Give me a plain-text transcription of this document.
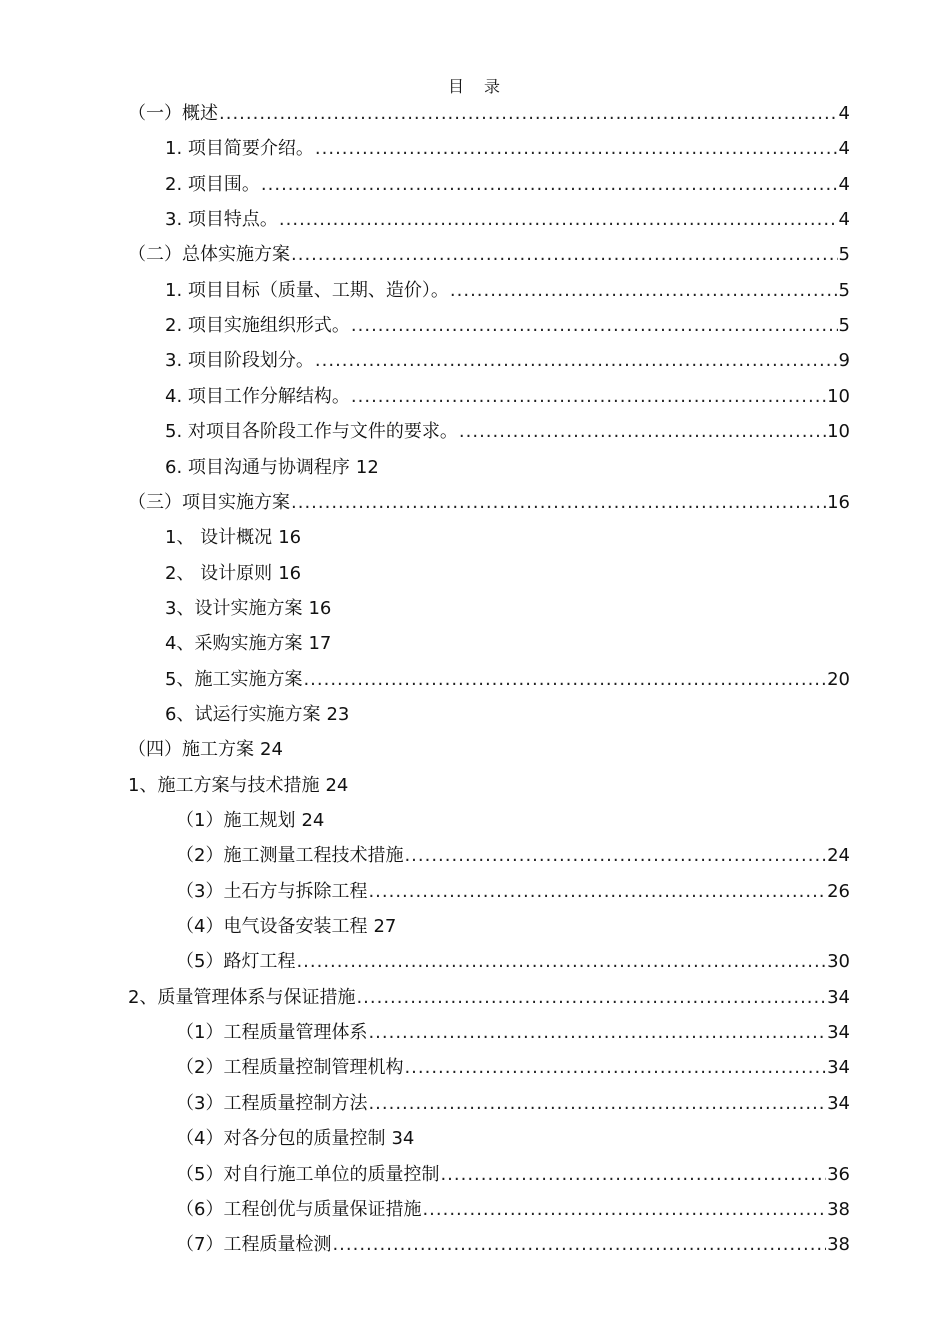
目　录
（一）概述 .....	4
1. 项目简要介绍。 .....	4
2. 项目围。 .....	4
3. 项目特点。 .....	4
（二）总体实施方案 .....	5
1. 项目目标（质量、工期、造价）。 .....	5
2. 项目实施组织形式。 .....	5
3. 项目阶段划分。 .....	9
4. 项目工作分解结构。 .....	10
5. 对项目各阶段工作与文件的要求。 .....	10
6. 项目沟通与协调程序 12
（三）项目实施方案 .....	16
1、 设计概况 16
2、 设计原则 16
3、设计实施方案 16
4、采购实施方案 17
5、施工实施方案 .....	20
6、试运行实施方案 23
（四）施工方案 24
1、施工方案与技术措施 24
（1）施工规划 24
（2）施工测量工程技术措施 .....	24
（3）土石方与拆除工程 .....	26
（4）电气设备安装工程 27
（5）路灯工程 .....	30
2、质量管理体系与保证措施 .....	34
（1）工程质量管理体系 .....	34
（2）工程质量控制管理机构 .....	34
（3）工程质量控制方法 .....	34
（4）对各分包的质量控制 34
（5）对自行施工单位的质量控制 .....	36
（6）工程创优与质量保证措施 .....	38
（7）工程质量检测 .....	38
